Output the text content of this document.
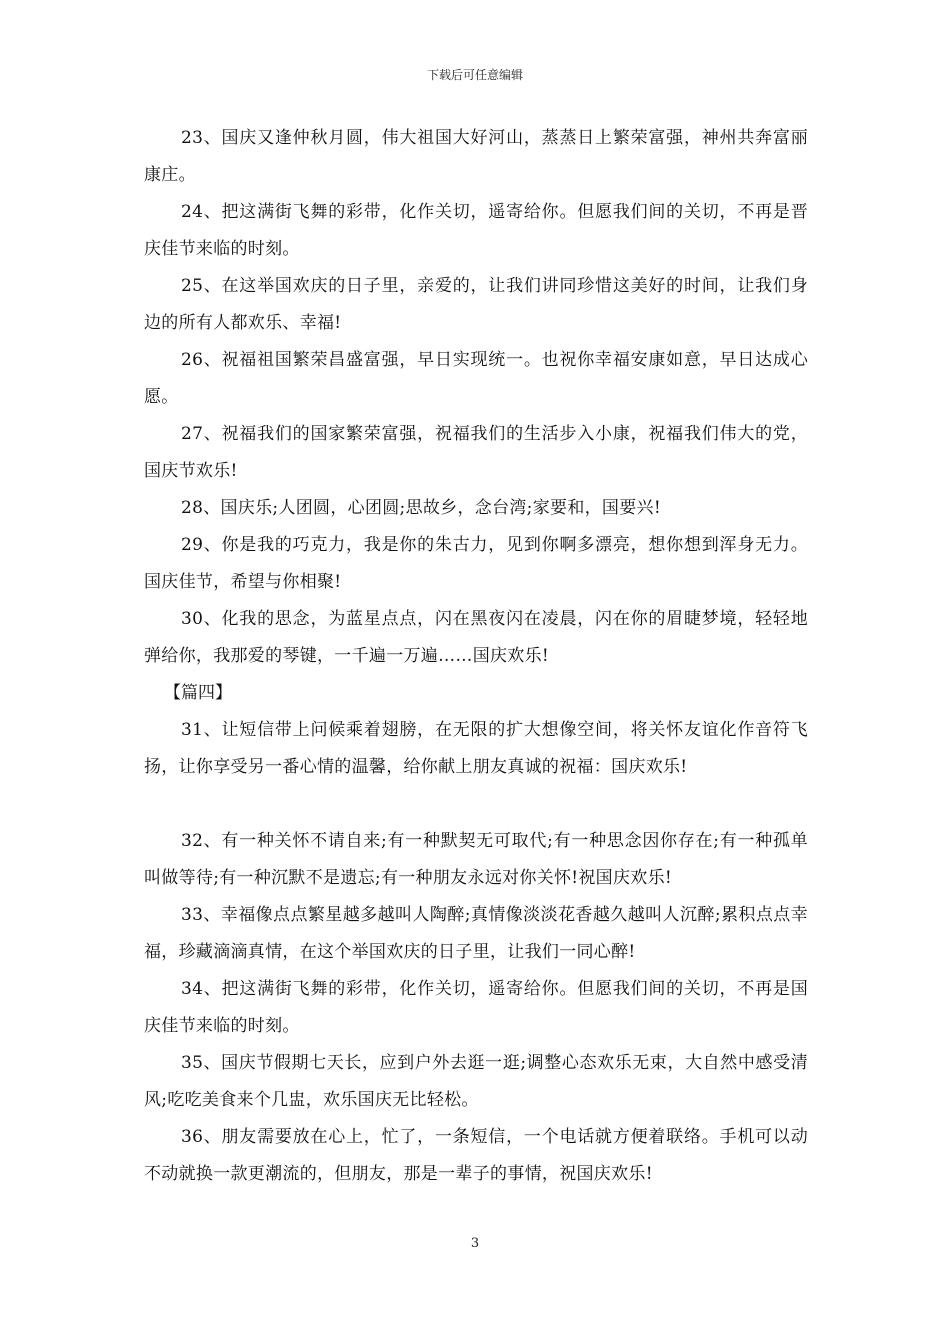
下载后可任意编辑

23、国庆又逢仲秋月圆，伟大祖国大好河山，蒸蒸日上繁荣富强，神州共奔富丽康庄。

24、把这满街飞舞的彩带，化作关切，遥寄给你。但愿我们间的关切，不再是晋庆佳节来临的时刻。

25、在这举国欢庆的日子里，亲爱的，让我们讲同珍惜这美好的时间，让我们身边的所有人都欢乐、幸福!

26、祝福祖国繁荣昌盛富强，早日实现统一。也祝你幸福安康如意，早日达成心愿。

27、祝福我们的国家繁荣富强，祝福我们的生活步入小康，祝福我们伟大的党，国庆节欢乐!

28、国庆乐;人团圆，心团圆;思故乡，念台湾;家要和，国要兴!

29、你是我的巧克力，我是你的朱古力，见到你啊多漂亮，想你想到浑身无力。国庆佳节，希望与你相聚!

30、化我的思念，为蓝星点点，闪在黑夜闪在凌晨，闪在你的眉睫梦境，轻轻地弹给你，我那爱的琴键，一千遍一万遍……国庆欢乐!

【篇四】

31、让短信带上问候乘着翅膀，在无限的扩大想像空间，将关怀友谊化作音符飞扬，让你享受另一番心情的温馨，给你献上朋友真诚的祝福：国庆欢乐!

32、有一种关怀不请自来;有一种默契无可取代;有一种思念因你存在;有一种孤单叫做等待;有一种沉默不是遗忘;有一种朋友永远对你关怀!祝国庆欢乐!

33、幸福像点点繁星越多越叫人陶醉;真情像淡淡花香越久越叫人沉醉;累积点点幸福，珍藏滴滴真情，在这个举国欢庆的日子里，让我们一同心醉!

34、把这满街飞舞的彩带，化作关切，遥寄给你。但愿我们间的关切，不再是国庆佳节来临的时刻。

35、国庆节假期七天长，应到户外去逛一逛;调整心态欢乐无束，大自然中感受清风;吃吃美食来个几盅，欢乐国庆无比轻松。

36、朋友需要放在心上，忙了，一条短信，一个电话就方便着联络。手机可以动不动就换一款更潮流的，但朋友，那是一辈子的事情，祝国庆欢乐!

3
